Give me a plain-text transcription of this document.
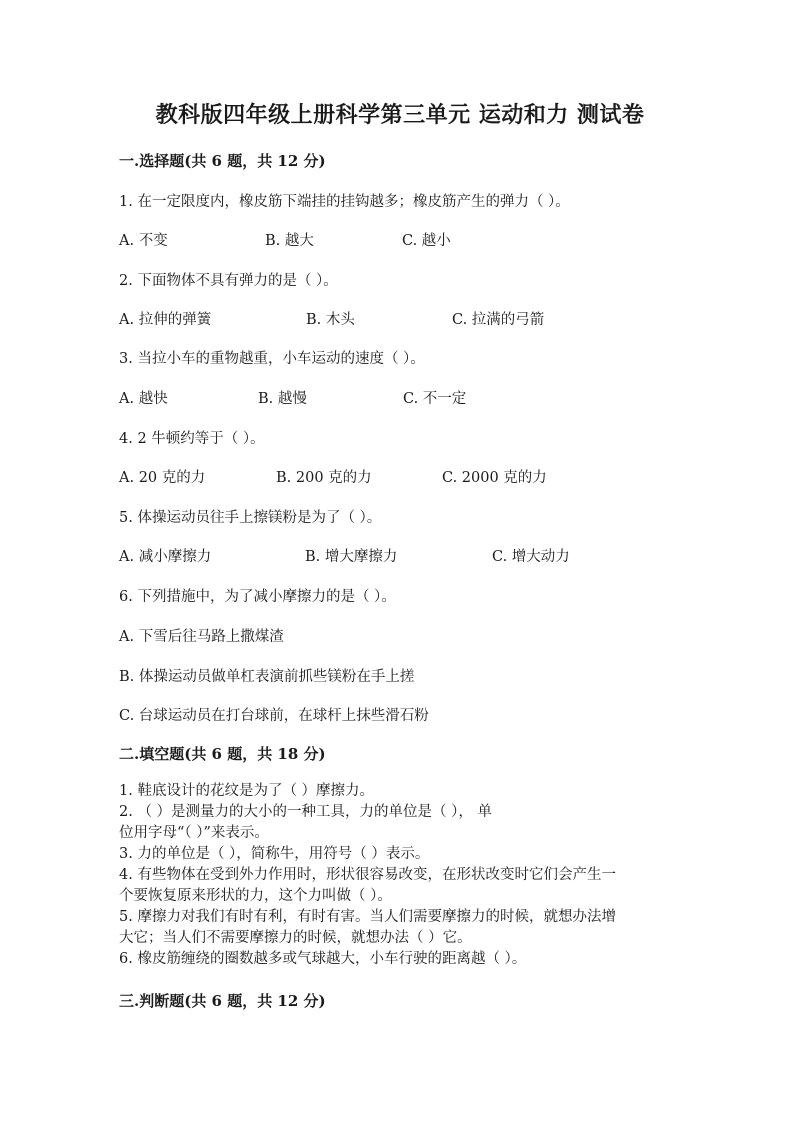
教科版四年级上册科学第三单元 运动和力 测试卷
一.选择题(共 6 题，共 12 分)
1. 在一定限度内，橡皮筋下端挂的挂钩越多；橡皮筋产生的弹力（ ）。
A. 不变	B. 越大	C. 越小
2. 下面物体不具有弹力的是（ ）。
A. 拉伸的弹簧	B. 木头	C. 拉满的弓箭
3. 当拉小车的重物越重，小车运动的速度（ ）。
A. 越快	B. 越慢	C. 不一定
4. 2 牛顿约等于（ ）。
A. 20 克的力	B. 200 克的力	C. 2000 克的力
5. 体操运动员往手上擦镁粉是为了（ ）。
A. 减小摩擦力	B. 增大摩擦力	C. 增大动力
6. 下列措施中，为了减小摩擦力的是（ ）。
A. 下雪后往马路上撒煤渣
B. 体操运动员做单杠表演前抓些镁粉在手上搓
C. 台球运动员在打台球前，在球杆上抹些滑石粉
二.填空题(共 6 题，共 18 分)
1. 鞋底设计的花纹是为了（ ）摩擦力。
2. （ ）是测量力的大小的一种工具，力的单位是（ ）， 单
位用字母“（ ）”来表示。
3. 力的单位是（ ），简称牛，用符号（ ）表示。
4. 有些物体在受到外力作用时，形状很容易改变，在形状改变时它们会产生一
个要恢复原来形状的力，这个力叫做（ ）。
5. 摩擦力对我们有时有利，有时有害。当人们需要摩擦力的时候，就想办法增
大它；当人们不需要摩擦力的时候，就想办法（ ）它。
6. 橡皮筋缠绕的圈数越多或气球越大，小车行驶的距离越（ ）。
三.判断题(共 6 题，共 12 分)
